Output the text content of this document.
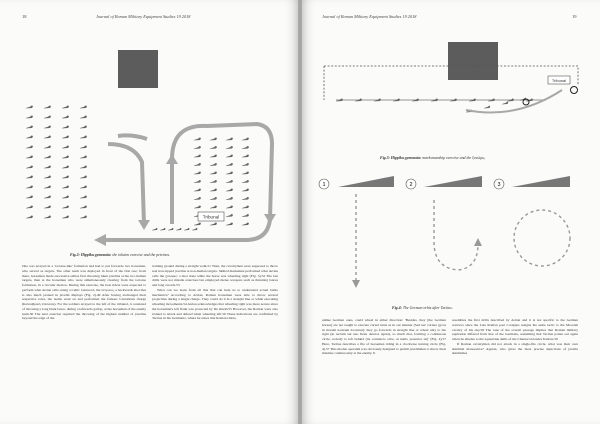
18	Journal of Roman Military Equipment Studies 19 2018
Tribunal
Fig.2: Hippika gymnasia: the tolutim exercise and the petrinos.

One was arrayed in a 'tortoise-like' formation and had to put forwards two horsemen, who served as targets. The other team was deployed in front of the first one; from there, horsemen made successive sallies first throwing blunt javelins at the two human targets, then at the horsemen who were simultaneously clearing from the tortoise formation, in a circular motion. During this exercise, the best riders were expected to perform what Arrian calls, using a Celtic loanword, the πέτρινος, a backwards shot that is also much praised in javelin displays (Fig. 2).49 After having exchanged their respective roles, the teams went on and performed the famous Cantabrian charge (Κανταβρικὴ ἐπέλασις). For the soldiers arrayed to the left of the tribunal, it consisted of throwing a long blunt lance, during a leftwards gallop, at the horsemen of the enemy team.50 The next exercise required the throwing of the highest number of javelins beyond the edge of the

training ground during a straight walk.51 Then, the cavalrymen were supposed to throw real iron-tipped javelins at non-human targets. Skilled marksmen performed what Arrian calls the ξυνώρις: a shot done while the horse was wheeling right (Fig. 3).52 The last drills were not missile exercises but employed melee weapons such as thrusting lances and long swords.53

What can we learn from all this that can help us to understand actual battle mechanics? According to Arrian, Roman horsemen were able to throw several projectiles during a single charge. They could do it in a straight line or while executing wheeling movements.54 Arrian acknowledges that wheeling right was more secure since the horseman's left flank was protected by his shield.55 However, the Roman were also trained to attack and defend when wheeling left.56 These indications are confirmed by Tacitus in his Germania, where he states that Roman riders,

Journal of Roman Military Equipment Studies 19 2018	19
Tribunal
Fig.3: Hippika gymnasia: marksmanship exercise and the ξυνώρις.
1	2	3
Fig.4: The German orbis after Tacitus.

unlike German ones, could wheel in either direction: 'Besides, they [the German horses] are not taught to execute varied turns as in our manner (Sed nec variare gyros in morem nostrum docentur): they go forwards in straight line or wheel only to the right (in rectum aut uno flexu dextros agunt), so much that, forming a continuous circle, nobody is left behind (ita coniuncto orbe, ut nemo posterior sit)' (Fig. 4).57 Here, Tacitus describes a file of horsemen riding in a clockwise turning circle (Fig. 4).57 This modus operandi was obviously designed to permit javelinmen to throw their missiles continuously at the enemy. It

resembles the first drills described by Arrian and it is not specific to the German warriors since the Late Roman poet Corippus assigns the same tactic to the Moorish cavalry of his day.58 The tone of the overall passage implies that Roman military equitation differed from that of the Germans, something that Tacitus points out again when he alludes to the equestrian skills of the Cheruscan leader Italicus.59

If Roman cavalrymen did not attack in a single-file circle, what was their own skirmish manoeuvre? Appian, who gives the most precise depictions of javelin skirmishes
